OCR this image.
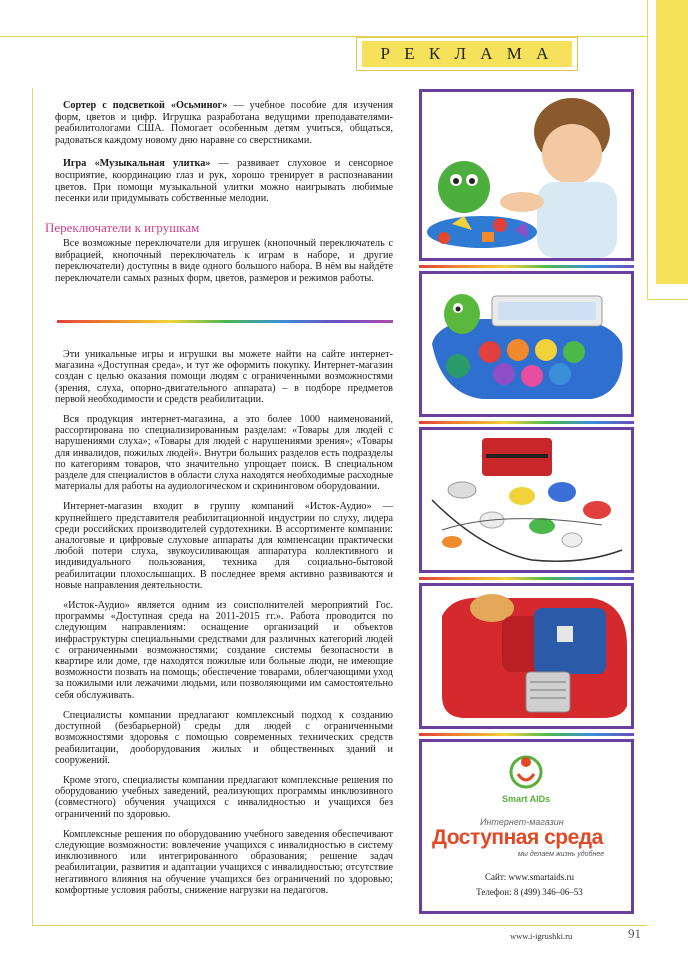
Р Е К Л А М А

Сортер с подсветкой «Осьминог» — учебное пособие для изучения форм, цветов и цифр. Игрушка разработана ведущими преподавателями-реабилитологами США. Помогает особенным детям учиться, общаться, радоваться каждому новому дню наравне со сверстниками.

Игра «Музыкальная улитка» — развивает слуховое и сенсорное восприятие, координацию глаз и рук, хорошо тренирует в распознавании цветов. При помощи музыкальной улитки можно наигрывать любимые песенки или придумывать собственные мелодии.

Переключатели к игрушкам

Все возможные переключатели для игрушек (кнопочный переключатель с вибрацией, кнопочный переключатель к играм в наборе, и другие переключатели) доступны в виде одного большого набора. В нём вы найдёте переключатели самых разных форм, цветов, размеров и режимов работы.

Эти уникальные игры и игрушки вы можете найти на сайте интернет-магазина «Доступная среда», и тут же оформить покупку. Интернет-магазин создан с целью оказания помощи людям с ограниченными возможностями (зрения, слуха, опорно-двигательного аппарата) – в подборе предметов первой необходимости и средств реабилитации.

Вся продукция интернет-магазина, а это более 1000 наименований, рассортирована по специализированным разделам: «Товары для людей с нарушениями слуха»; «Товары для людей с нарушениями зрения»; «Товары для инвалидов, пожилых людей». Внутри больших разделов есть подразделы по категориям товаров, что значительно упрощает поиск. В специальном разделе для специалистов в области слуха находятся необходимые расходные материалы для работы на аудиологическом и скрининговом оборудовании.

Интернет-магазин входит в группу компаний «Исток-Аудио» — крупнейшего представителя реабилитационной индустрии по слуху, лидера среди российских производителей сурдотехники. В ассортименте компании: аналоговые и цифровые слуховые аппараты для компенсации практически любой потери слуха, звукоусиливающая аппаратура коллективного и индивидуального пользования, техника для социально-бытовой реабилитации плохослышащих. В последнее время активно развиваются и новые направления деятельности.

«Исток-Аудио» является одним из соисполнителей мероприятий Гос. программы «Доступная среда на 2011-2015 гг.». Работа проводится по следующим направлениям: оснащение организаций и объектов инфраструктуры специальными средствами для различных категорий людей с ограниченными возможностями; создание системы безопасности в квартире или доме, где находятся пожилые или больные люди, не имеющие возможности позвать на помощь; обеспечение товарами, облегчающими уход за пожилыми или лежачими людьми, или позволяющими им самостоятельно себя обслуживать.

Специалисты компании предлагают комплексный подход к созданию доступной (безбарьерной) среды для людей с ограниченными возможностями здоровья с помощью современных технических средств реабилитации, дооборудования жилых и общественных зданий и сооружений.

Кроме этого, специалисты компании предлагают комплексные решения по оборудованию учебных заведений, реализующих программы инклюзивного (совместного) обучения учащихся с инвалидностью и учащихся без ограничений по здоровью.

Комплексные решения по оборудованию учебного заведения обеспечивают следующие возможности: вовлечение учащихся с инвалидностью в систему инклюзивного или интегрированного образования; решение задач реабилитации, развития и адаптации учащихся с инвалидностью; отсутствие негативного влияния на обучение учащихся без ограничений по здоровью; комфортные условия работы, снижение нагрузки на педагогов.

Smart AIDs
Интернет-магазин
Доступная среда
мы делаем жизнь удобнее
Сайт: www.smartaids.ru
Телефон: 8 (499) 346–06–53
www.i-igrushki.ru	91
